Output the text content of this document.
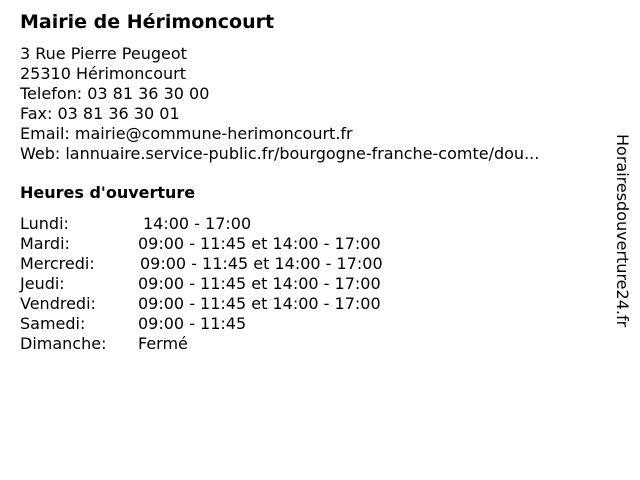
Mairie de Hérimoncourt
3 Rue Pierre Peugeot
25310 Hérimoncourt
Telefon: 03 81 36 30 00
Fax: 03 81 36 30 01
Email: mairie@commune-herimoncourt.fr
Web: lannuaire.service-public.fr/bourgogne-franche-comte/dou...
Heures d'ouverture
Lundi:	14:00 - 17:00
Mardi:	09:00 - 11:45 et 14:00 - 17:00
Mercredi:	09:00 - 11:45 et 14:00 - 17:00
Jeudi:	09:00 - 11:45 et 14:00 - 17:00
Vendredi:	09:00 - 11:45 et 14:00 - 17:00
Samedi:	09:00 - 11:45
Dimanche: Fermé
Horairesdouverture24.fr
